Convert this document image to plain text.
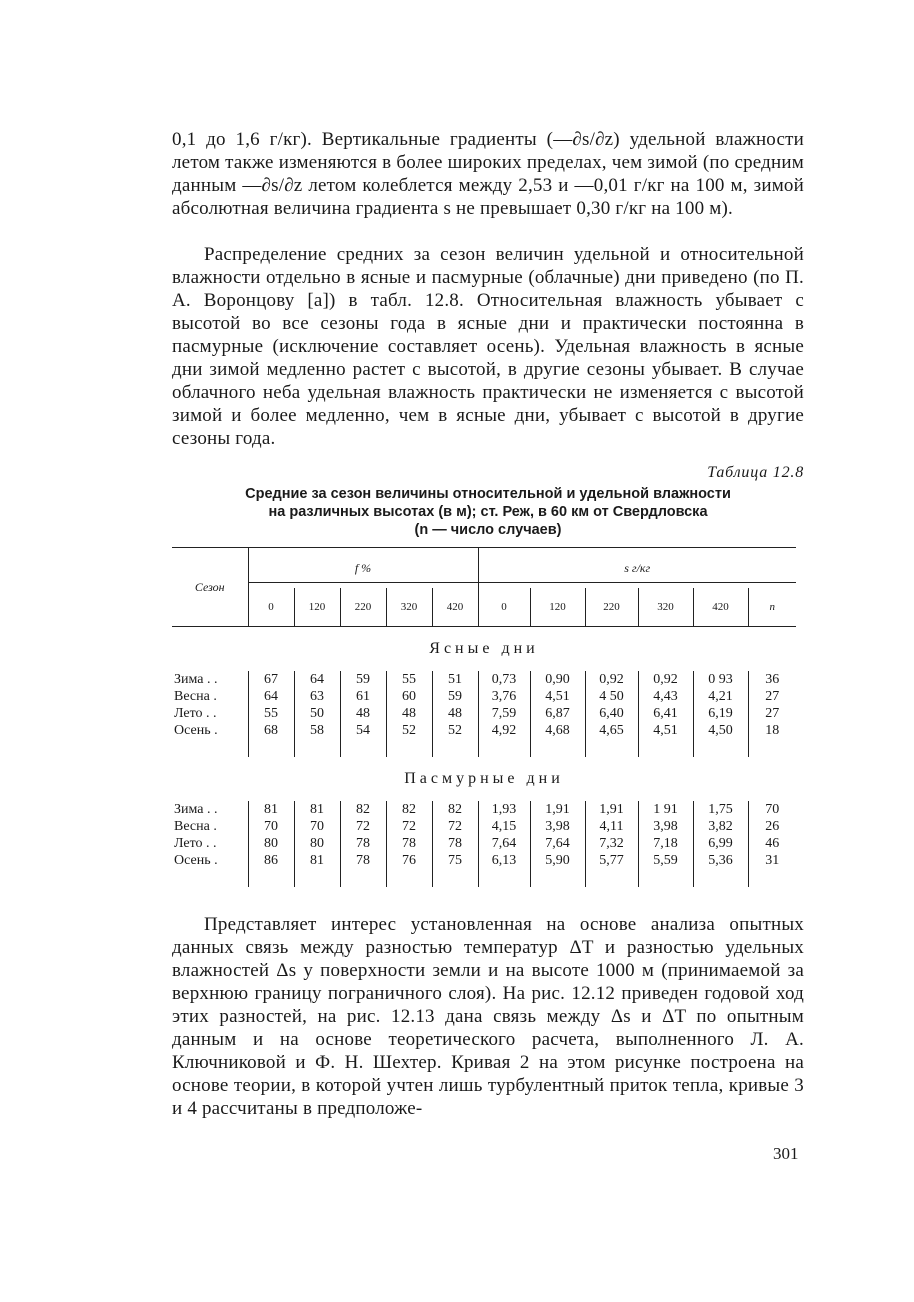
0,1 до 1,6 г/кг). Вертикальные градиенты (—∂s/∂z) удельной влажности летом также изменяются в более широких пределах, чем зимой (по средним данным —∂s/∂z летом колеблется между 2,53 и —0,01 г/кг на 100 м, зимой абсолютная величина градиента s не превышает 0,30 г/кг на 100 м).
Распределение средних за сезон величин удельной и относительной влажности отдельно в ясные и пасмурные (облачные) дни приведено (по П. А. Воронцову [a]) в табл. 12.8. Относительная влажность убывает с высотой во все сезоны года в ясные дни и практически постоянна в пасмурные (исключение составляет осень). Удельная влажность в ясные дни зимой медленно растет с высотой, в другие сезоны убывает. В случае облачного неба удельная влажность практически не изменяется с высотой зимой и более медленно, чем в ясные дни, убывает с высотой в другие сезоны года.
Таблица 12.8
Средние за сезон величины относительной и удельной влажности
на различных высотах (в м); ст. Реж, в 60 км от Свердловска
(n — число случаев)
Сезон	f %					s г/кг					
	0	120	220	320	420	0	120	220	320	420	n
Ясные дни											
Зима . .	67	64	59	55	51	0,73	0,90	0,92	0,92	0 93	36
Весна .	64	63	61	60	59	3,76	4,51	4 50	4,43	4,21	27
Лето . .	55	50	48	48	48	7,59	6,87	6,40	6,41	6,19	27
Осень .	68	58	54	52	52	4,92	4,68	4,65	4,51	4,50	18

Пасмурные дни											
Зима . .	81	81	82	82	82	1,93	1,91	1,91	1 91	1,75	70
Весна .	70	70	72	72	72	4,15	3,98	4,11	3,98	3,82	26
Лето . .	80	80	78	78	78	7,64	7,64	7,32	7,18	6,99	46
Осень .	86	81	78	76	75	6,13	5,90	5,77	5,59	5,36	31

Представляет интерес установленная на основе анализа опытных данных связь между разностью температур ΔT и разностью удельных влажностей Δs у поверхности земли и на высоте 1000 м (принимаемой за верхнюю границу пограничного слоя). На рис. 12.12 приведен годовой ход этих разностей, на рис. 12.13 дана связь между Δs и ΔT по опытным данным и на основе теоретического расчета, выполненного Л. А. Ключниковой и Ф. Н. Шехтер. Кривая 2 на этом рисунке построена на основе теории, в которой учтен лишь турбулентный приток тепла, кривые 3 и 4 рассчитаны в предположе-
301
